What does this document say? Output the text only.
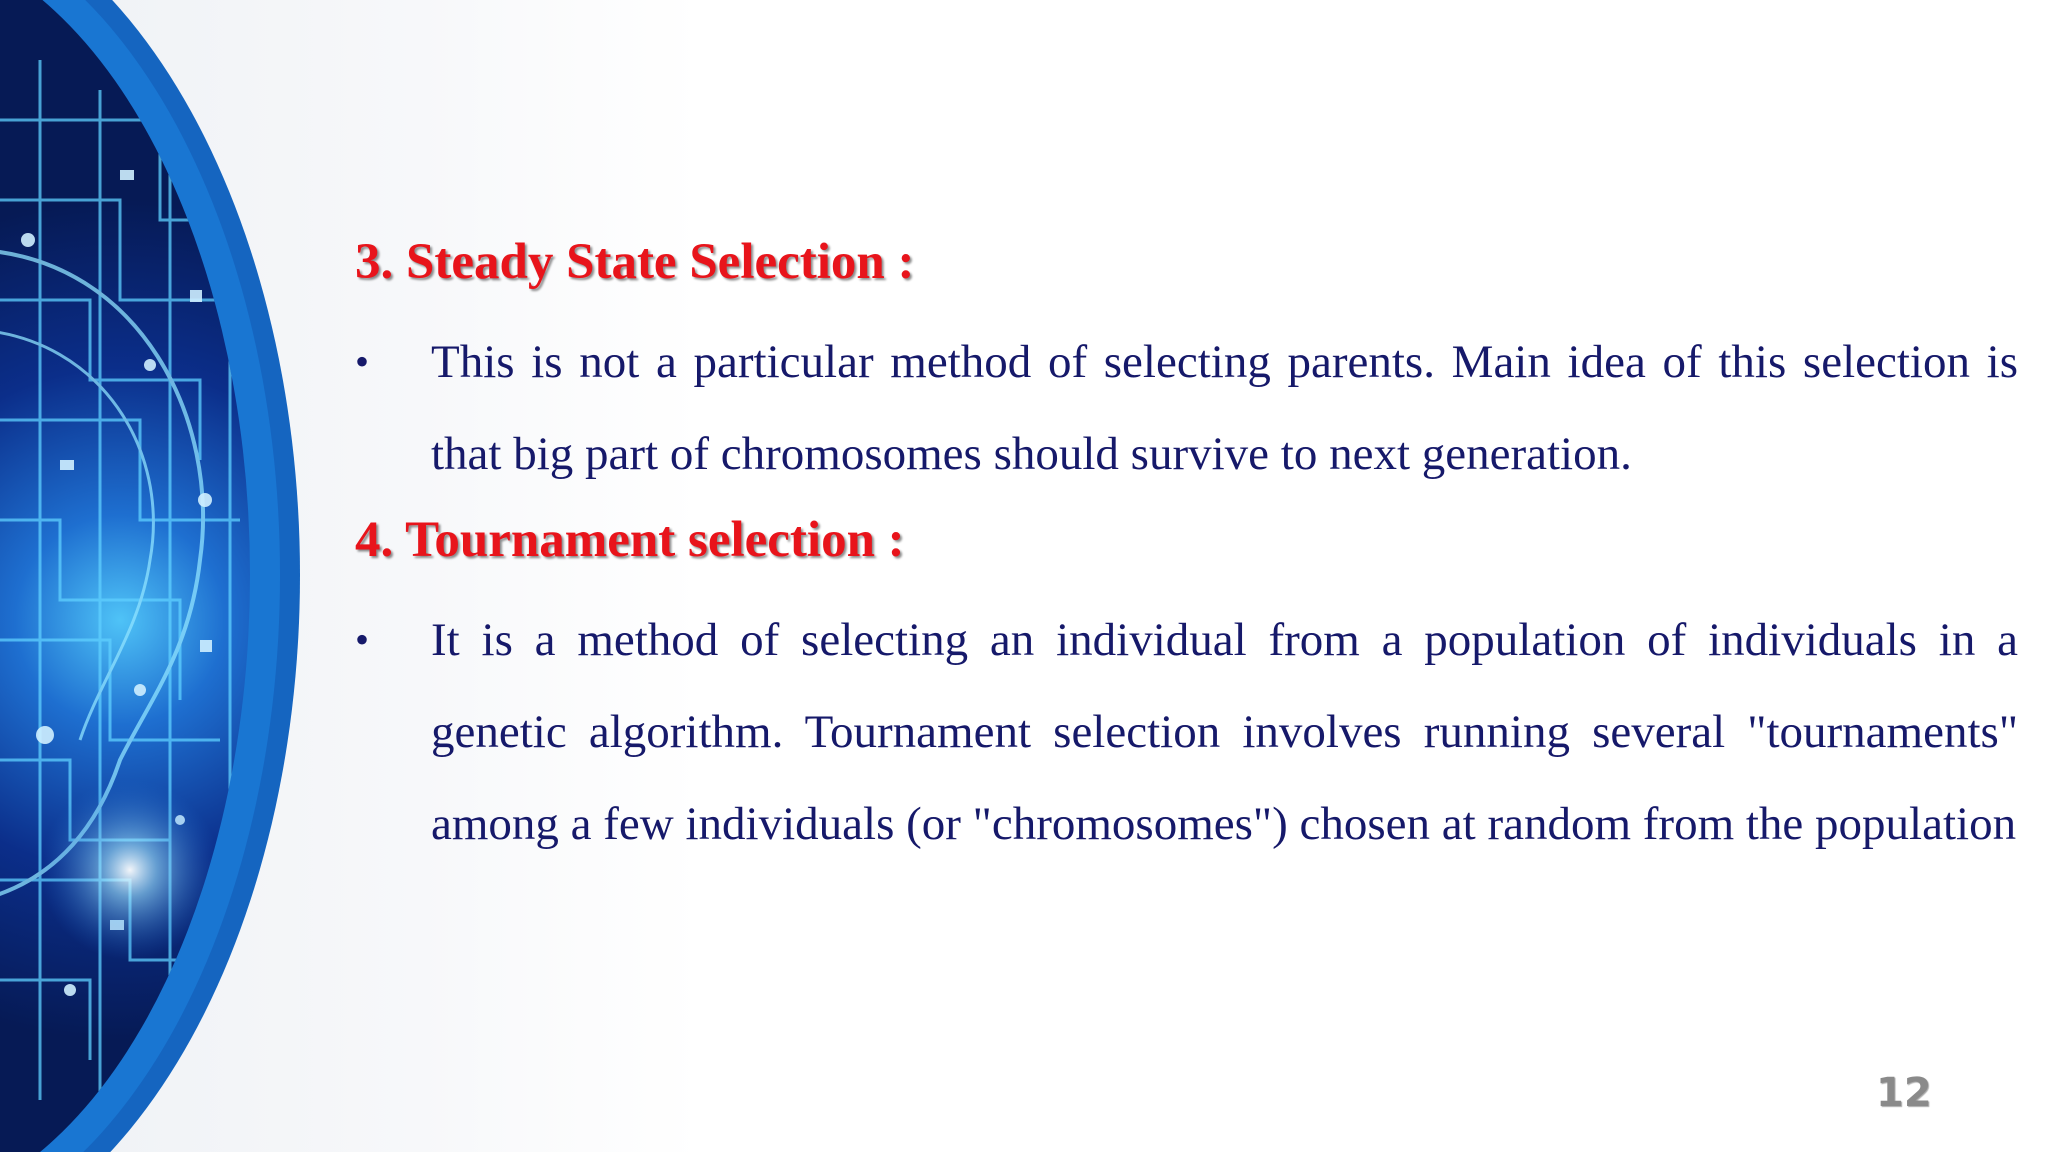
3. Steady State Selection :
•	This is not a particular method of selecting parents. Main idea of this selection is that big part of chromosomes should survive to next generation.
4. Tournament selection :
•	It is a method of selecting an individual from a population of individuals in a genetic algorithm. Tournament selection involves running several "tournaments" among a few individuals (or "chromosomes") chosen at random from the population
12
